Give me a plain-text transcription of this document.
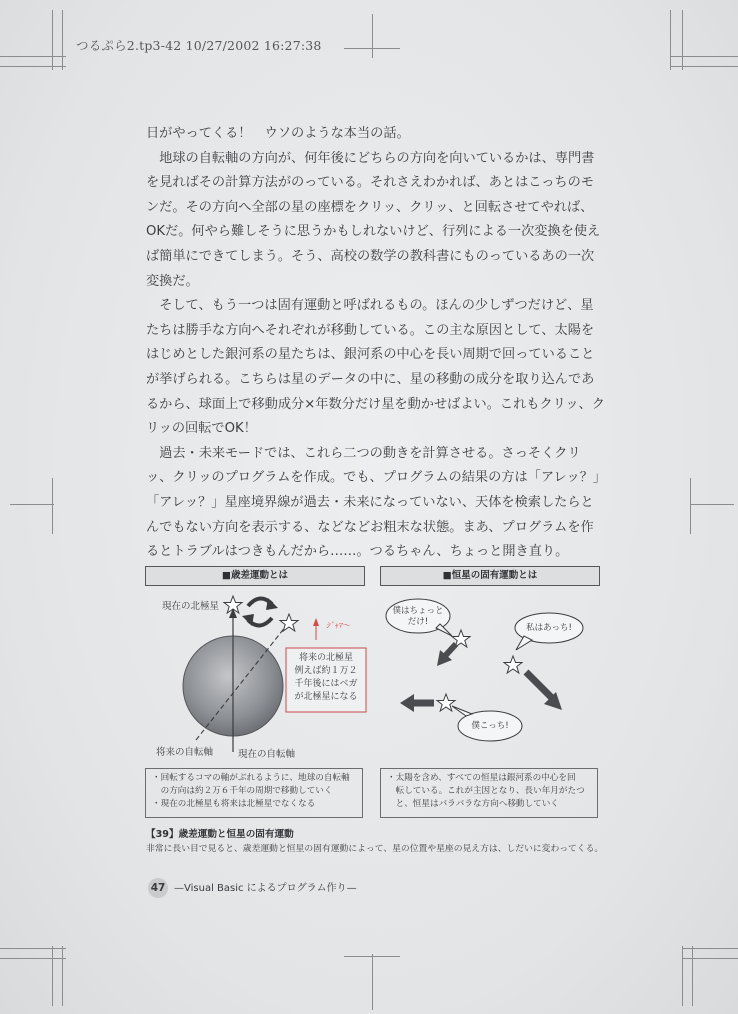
つるぷら2.tp3-42 10/27/2002 16:27:38

日がやってくる！　ウソのような本当の話。

地球の自転軸の方向が、何年後にどちらの方向を向いているかは、専門書を見ればその計算方法がのっている。それさえわかれば、あとはこっちのモンだ。その方向へ全部の星の座標をクリッ、クリッ、と回転させてやれば、OKだ。何やら難しそうに思うかもしれないけど、行列による一次変換を使えば簡単にできてしまう。そう、高校の数学の教科書にものっているあの一次変換だ。

そして、もう一つは固有運動と呼ばれるもの。ほんの少しずつだけど、星たちは勝手な方向へそれぞれが移動している。この主な原因として、太陽をはじめとした銀河系の星たちは、銀河系の中心を長い周期で回っていることが挙げられる。こちらは星のデータの中に、星の移動の成分を取り込んであるから、球面上で移動成分×年数分だけ星を動かせばよい。これもクリッ、クリッの回転でOK！

過去・未来モードでは、これら二つの動きを計算させる。さっそくクリッ、クリッのプログラムを作成。でも、プログラムの結果の方は「アレッ？」「アレッ？」星座境界線が過去・未来になっていない、天体を検索したらとんでもない方向を表示する、などなどお粗末な状態。まあ、プログラムを作るとトラブルはつきもんだから……。つるちゃん、ちょっと開き直り。

■歳差運動とは
現在の北極星
ｼﾞｬﾏ〜
将来の北極星
例えば約１万２
千年後にはベガ
が北極星になる
将来の自転軸	現在の自転軸
・回転するコマの軸がぶれるように、地球の自転軸
　の方向は約２万６千年の周期で移動していく
・現在の北極星も将来は北極星でなくなる
■恒星の固有運動とは
僕はちょっと
だけ!
私はあっち!
僕こっち!
・太陽を含め、すべての恒星は銀河系の中心を回
　転している。これが主因となり、長い年月がたつ
　と、恒星はバラバラな方向へ移動していく
【39】歳差運動と恒星の固有運動
非常に長い目で見ると、歳差運動と恒星の固有運動によって、星の位置や星座の見え方は、しだいに変わってくる。
47 —Visual Basic によるプログラム作り—
